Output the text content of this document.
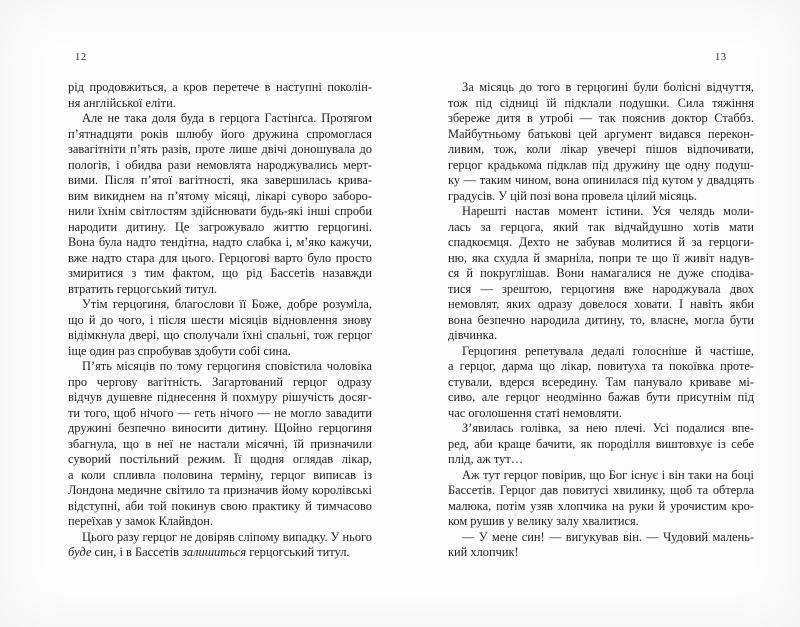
12
рід продовжиться, а кров перетече в наступні поколін-
ня англійської еліти.
Але не така доля буда в герцога Гастінґса. Протягом
п’ятнадцяти років шлюбу його дружина спромоглася
завагітніти п’ять разів, проте лише двічі доношувала до
пологів, і обидва рази немовлята народжувались мерт-
вими. Після п’ятої вагітності, яка завершилась крива-
вим викиднем на п’ятому місяці, лікарі суворо заборо-
нили їхнім світлостям здійснювати будь-які інші спроби
народити дитину. Це загрожувало життю герцогині.
Вона була надто тендітна, надто слабка і, м’яко кажучи,
вже надто стара для цього. Герцогові варто було просто
змиритися з тим фактом, що рід Бассетів назавжди
втратить герцогський титул.
Утім герцогиня, благослови її Боже, добре розуміла,
що й до чого, і після шести місяців відновлення знову
відімкнула двері, що сполучали їхні спальні, тож герцог
іще один раз спробував здобути собі сина.
П’ять місяців по тому герцогиня сповістила чоловіка
про чергову вагітність. Загартований герцог одразу
відчув душевне піднесення й похмуру рішучість досяг-
ти того, щоб нічого — геть нічого — не могло завадити
дружині безпечно виносити дитину. Щойно герцогиня
збагнула, що в неї не настали місячні, їй призначили
суворий постільний режим. Її щодня оглядав лікар,
а коли спливла половина терміну, герцог виписав із
Лондона медичне світило та призначив йому королівські
відступні, аби той покинув свою практику й тимчасово
переїхав у замок Клайвдон.
Цього разу герцог не довіряв сліпому випадку. У нього
буде син, і в Бассетів залишиться герцогський титул.
13
За місяць до того в герцогині були болісні відчуття,
тож під сідниці їй підклали подушки. Сила тяжіння
збереже дитя в утробі — так пояснив доктор Стаббз.
Майбутньому батькові цей аргумент видався перекон-
ливим, тож, коли лікар увечері пішов відпочивати,
герцог крадькома підклав під дружину ще одну подуш-
ку — таким чином, вона опинилася під кутом у двадцять
градусів. У цій позі вона провела цілий місяць.
Нарешті настав момент істини. Уся челядь моли-
лась за герцога, який так відчайдушно хотів мати
спадкоємця. Дехто не забував молитися й за герцоги-
ню, яка схудла й змарніла, попри те що її живіт надув-
ся й покруглішав. Вони намагалися не дуже сподіва-
тися — зрештою, герцогиня вже народжувала двох
немовлят, яких одразу довелося ховати. І навіть якби
вона безпечно народила дитину, то, власне, могла бути
дівчинка.
Герцогиня репетувала дедалі голосніше й частіше,
а герцог, дарма що лікар, повитуха та покоївка проте-
стували, вдерся всередину. Там панувало криваве мі-
сиво, але герцог неодмінно бажав бути присутнім під
час оголошення статі немовляти.
З’явилась голівка, за нею плечі. Усі подалися впе-
ред, аби краще бачити, як породілля виштовхує із себе
плід, аж тут…
Аж тут герцог повірив, що Бог існує і він таки на боці
Бассетів. Герцог дав повитусі хвилинку, щоб та обтерла
малюка, потім узяв хлопчика на руки й урочистим кро-
ком рушив у велику залу хвалитися.
— У мене син! — вигукував він. — Чудовий малень-
кий хлопчик!
